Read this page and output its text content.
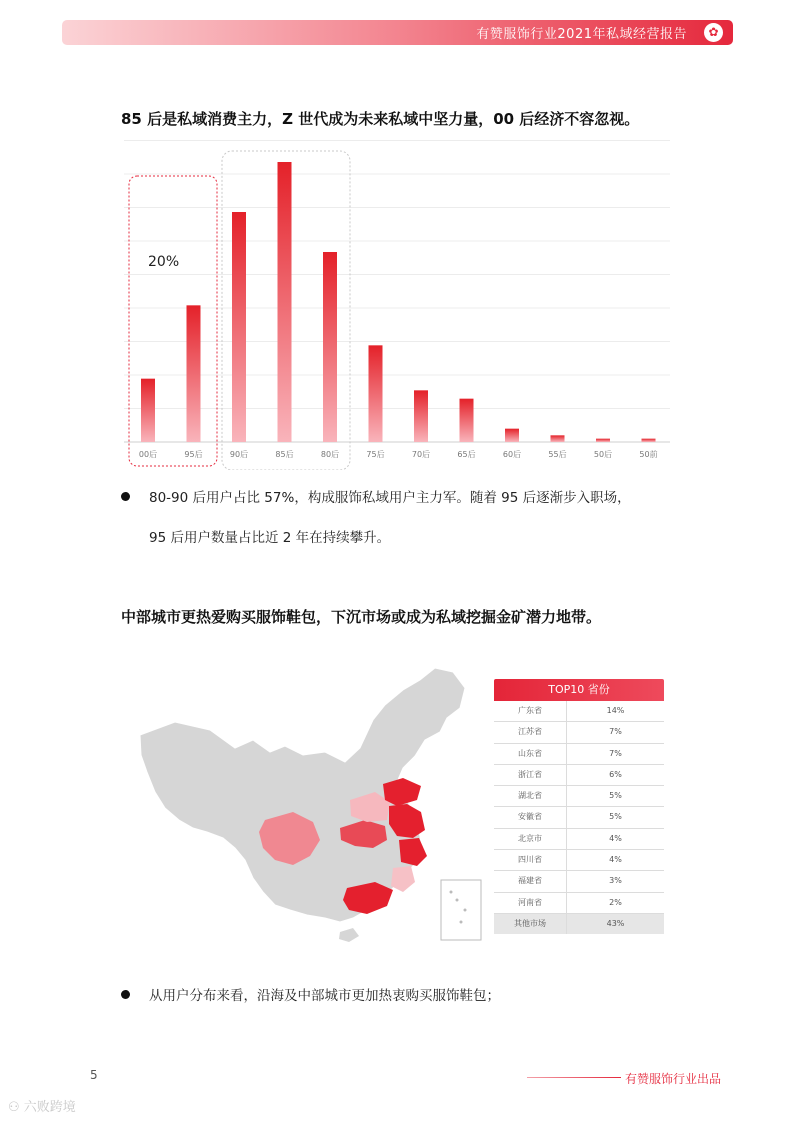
有赞服饰行业2021年私域经营报告	✿
85 后是私域消费主力，Z 世代成为未来私域中坚力量，00 后经济不容忽视。
00后	95后	90后	85后	80后	75后	70后	65后	60后	55后	50后	50前
20%
80-90 后用户占比 57%，构成服饰私域用户主力军。随着 95 后逐渐步入职场，
95 后用户数量占比近 2 年在持续攀升。
中部城市更热爱购买服饰鞋包，下沉市场或成为私域挖掘金矿潜力地带。
TOP10 省份
广东省	14%
江苏省	7%
山东省	7%
浙江省	6%
湖北省	5%
安徽省	5%
北京市	4%
四川省	4%
福建省	3%
河南省	2%
其他市场	43%
从用户分布来看，沿海及中部城市更加热衷购买服饰鞋包；
5	有赞服饰行业出品
⚇ 六败跨境
